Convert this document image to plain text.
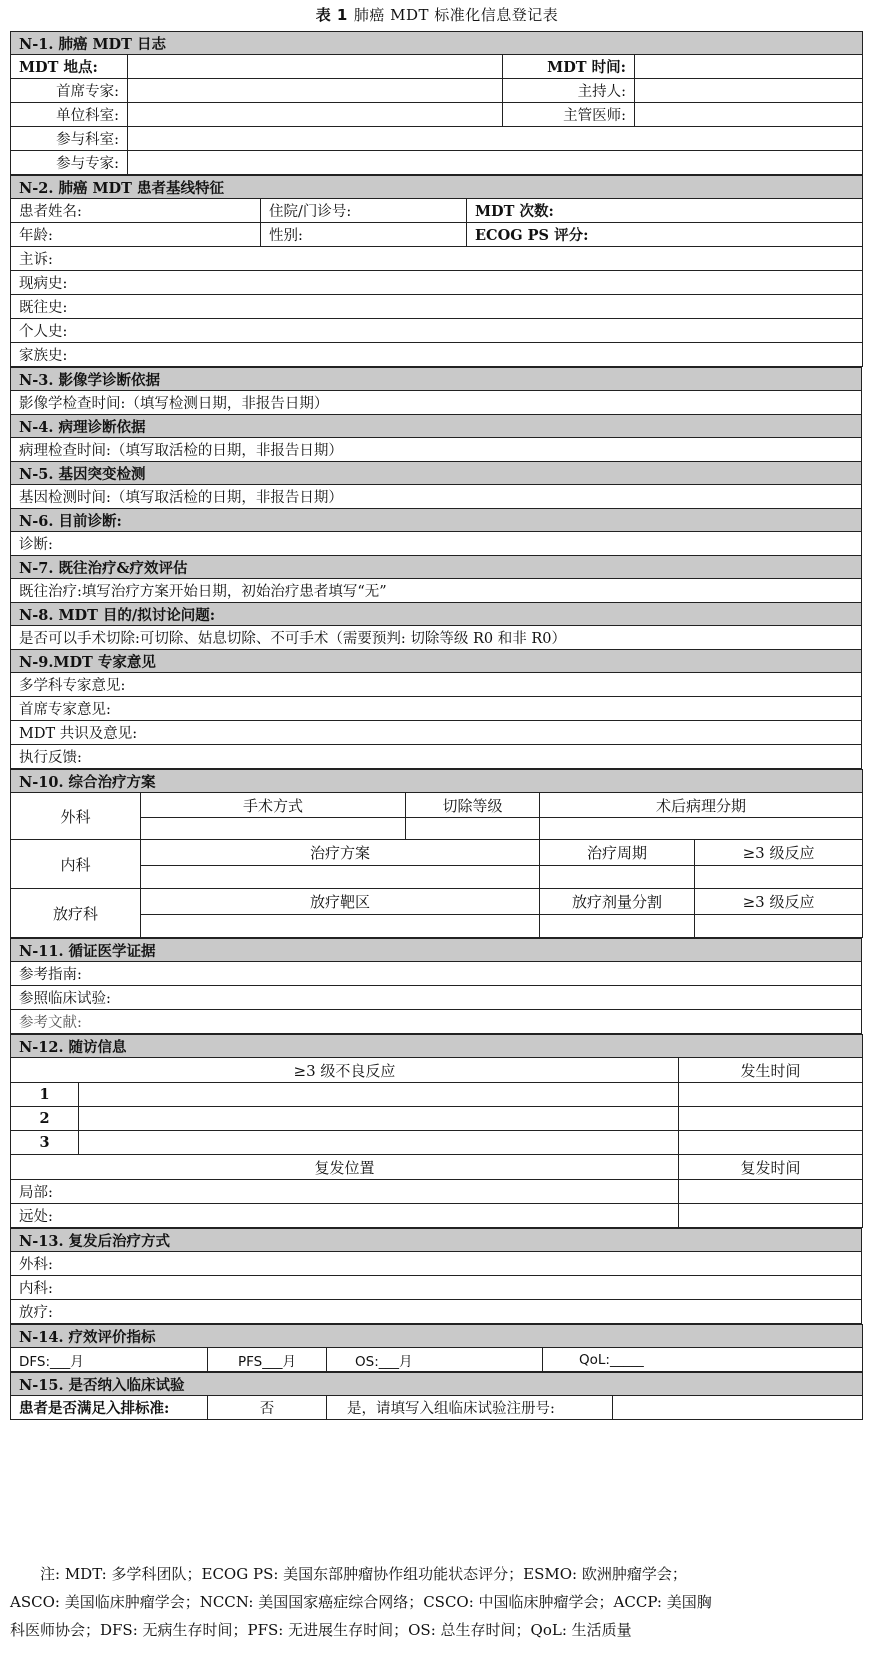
表 1 肺癌 MDT 标准化信息登记表
N-1. 肺癌 MDT 日志			
MDT 地点:		MDT 时间:	
首席专家:		主持人:	
单位科室:		主管医师:	
参与科室:			
参与专家:			
N-2. 肺癌 MDT 患者基线特征		
患者姓名:	住院/门诊号:	MDT 次数:
年龄:	性别:	ECOG PS 评分:
主诉:		
现病史:		
既往史:		
个人史:		
家族史:		
N-3. 影像学诊断依据
影像学检查时间:（填写检测日期，非报告日期）
N-4. 病理诊断依据
病理检查时间:（填写取活检的日期，非报告日期）
N-5. 基因突变检测
基因检测时间:（填写取活检的日期，非报告日期）
N-6. 目前诊断:
诊断:
N-7. 既往治疗&疗效评估
既往治疗:填写治疗方案开始日期，初始治疗患者填写“无”
N-8. MDT 目的/拟讨论问题:
是否可以手术切除:可切除、姑息切除、不可手术（需要预判: 切除等级 R0 和非 R0）
N-9.MDT 专家意见
多学科专家意见:
首席专家意见:
MDT 共识及意见:
执行反馈:
N-10. 综合治疗方案				
外科	手术方式	切除等级	术后病理分期	

内科	治疗方案		治疗周期	≥3 级反应

放疗科	放疗靶区		放疗剂量分割	≥3 级反应

N-11. 循证医学证据
参考指南:
参照临床试验:
参考文献:
N-12. 随访信息		
≥3 级不良反应		发生时间
1		
2		
3		
复发位置		复发时间
局部:		
远处:		
N-13. 复发后治疗方式
外科:
内科:
放疗:
N-14. 疗效评价指标
DFS:___月	PFS___月	OS:___月	QoL:_____
N-15. 是否纳入临床试验
患者是否满足入排标准:	否	是，请填写入组临床试验注册号:	

注: MDT: 多学科团队；ECOG PS: 美国东部肿瘤协作组功能状态评分；ESMO: 欧洲肿瘤学会；

ASCO: 美国临床肿瘤学会；NCCN: 美国国家癌症综合网络；CSCO: 中国临床肿瘤学会；ACCP: 美国胸

科医师协会；DFS: 无病生存时间；PFS: 无进展生存时间；OS: 总生存时间；QoL: 生活质量
